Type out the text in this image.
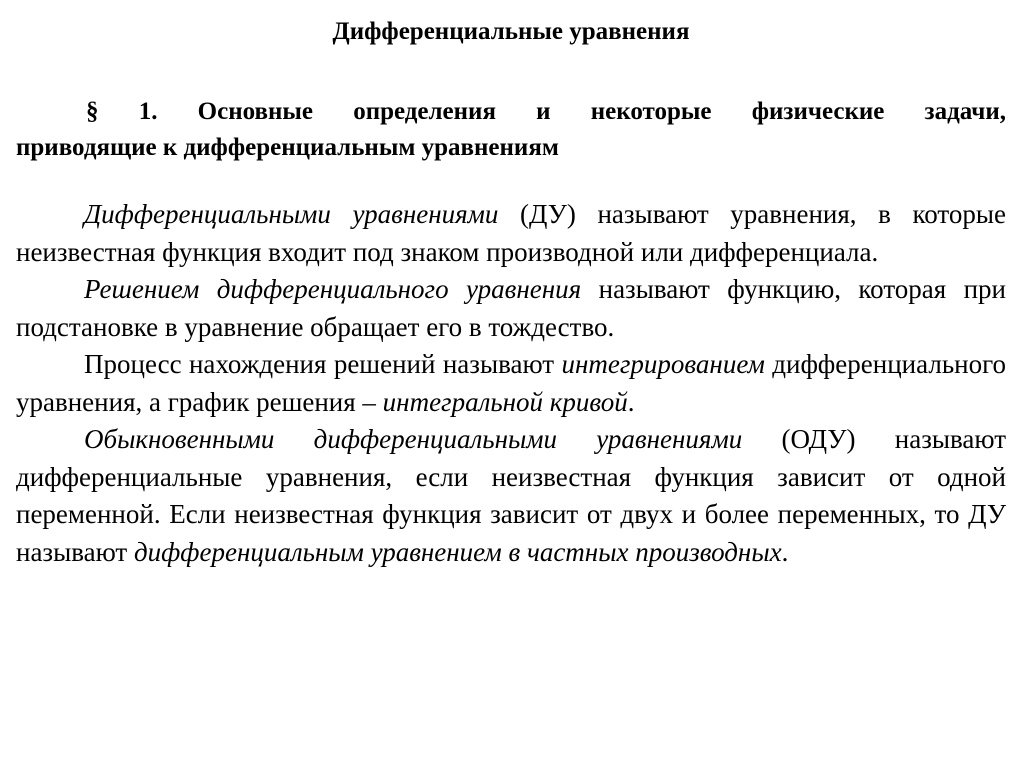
Дифференциальные уравнения

§ 1. Основные определения и некоторые физические задачи,
приводящие к дифференциальным уравнениям

Дифференциальными уравнениями (ДУ) называют уравнения, в которые неизвестная функция входит под знаком производной или дифференциала.

Решением дифференциального уравнения называют функцию, которая при подстановке в уравнение обращает его в тождество.

Процесс нахождения решений называют интегрированием дифференциального уравнения, а график решения – интегральной кривой.

Обыкновенными дифференциальными уравнениями (ОДУ) называют дифференциальные уравнения, если неизвестная функция зависит от одной переменной. Если неизвестная функция зависит от двух и более переменных, то ДУ называют дифференциальным уравнением в частных производных.
